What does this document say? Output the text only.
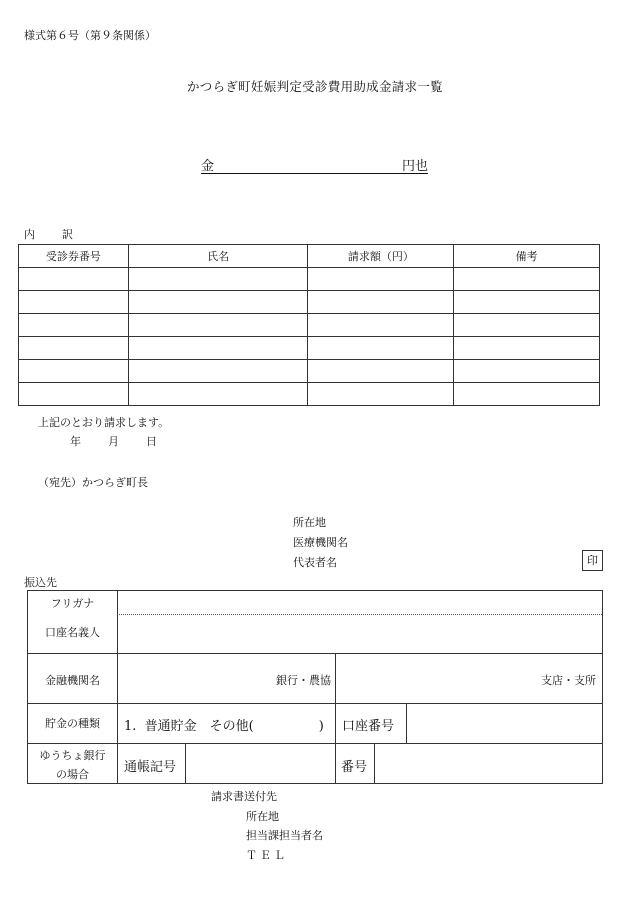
様式第６号（第９条関係）
かつらぎ町妊娠判定受診費用助成金請求一覧
金	円也
内　訳
受診券番号	氏名	請求額（円）	備考

上記のとおり請求します。
年 月 日
（宛先）かつらぎ町長
所在地
医療機関名
代表者名	印
振込先
フリガナ
口座名義人
金融機関名	銀行・農協	支店・支所
貯金の種類	1.  普通貯金　その他(　　　　　) 口座番号
ゆうちょ銀行
の場合	通帳記号	番号
請求書送付先
所在地
担当課担当者名
ＴＥＬ
